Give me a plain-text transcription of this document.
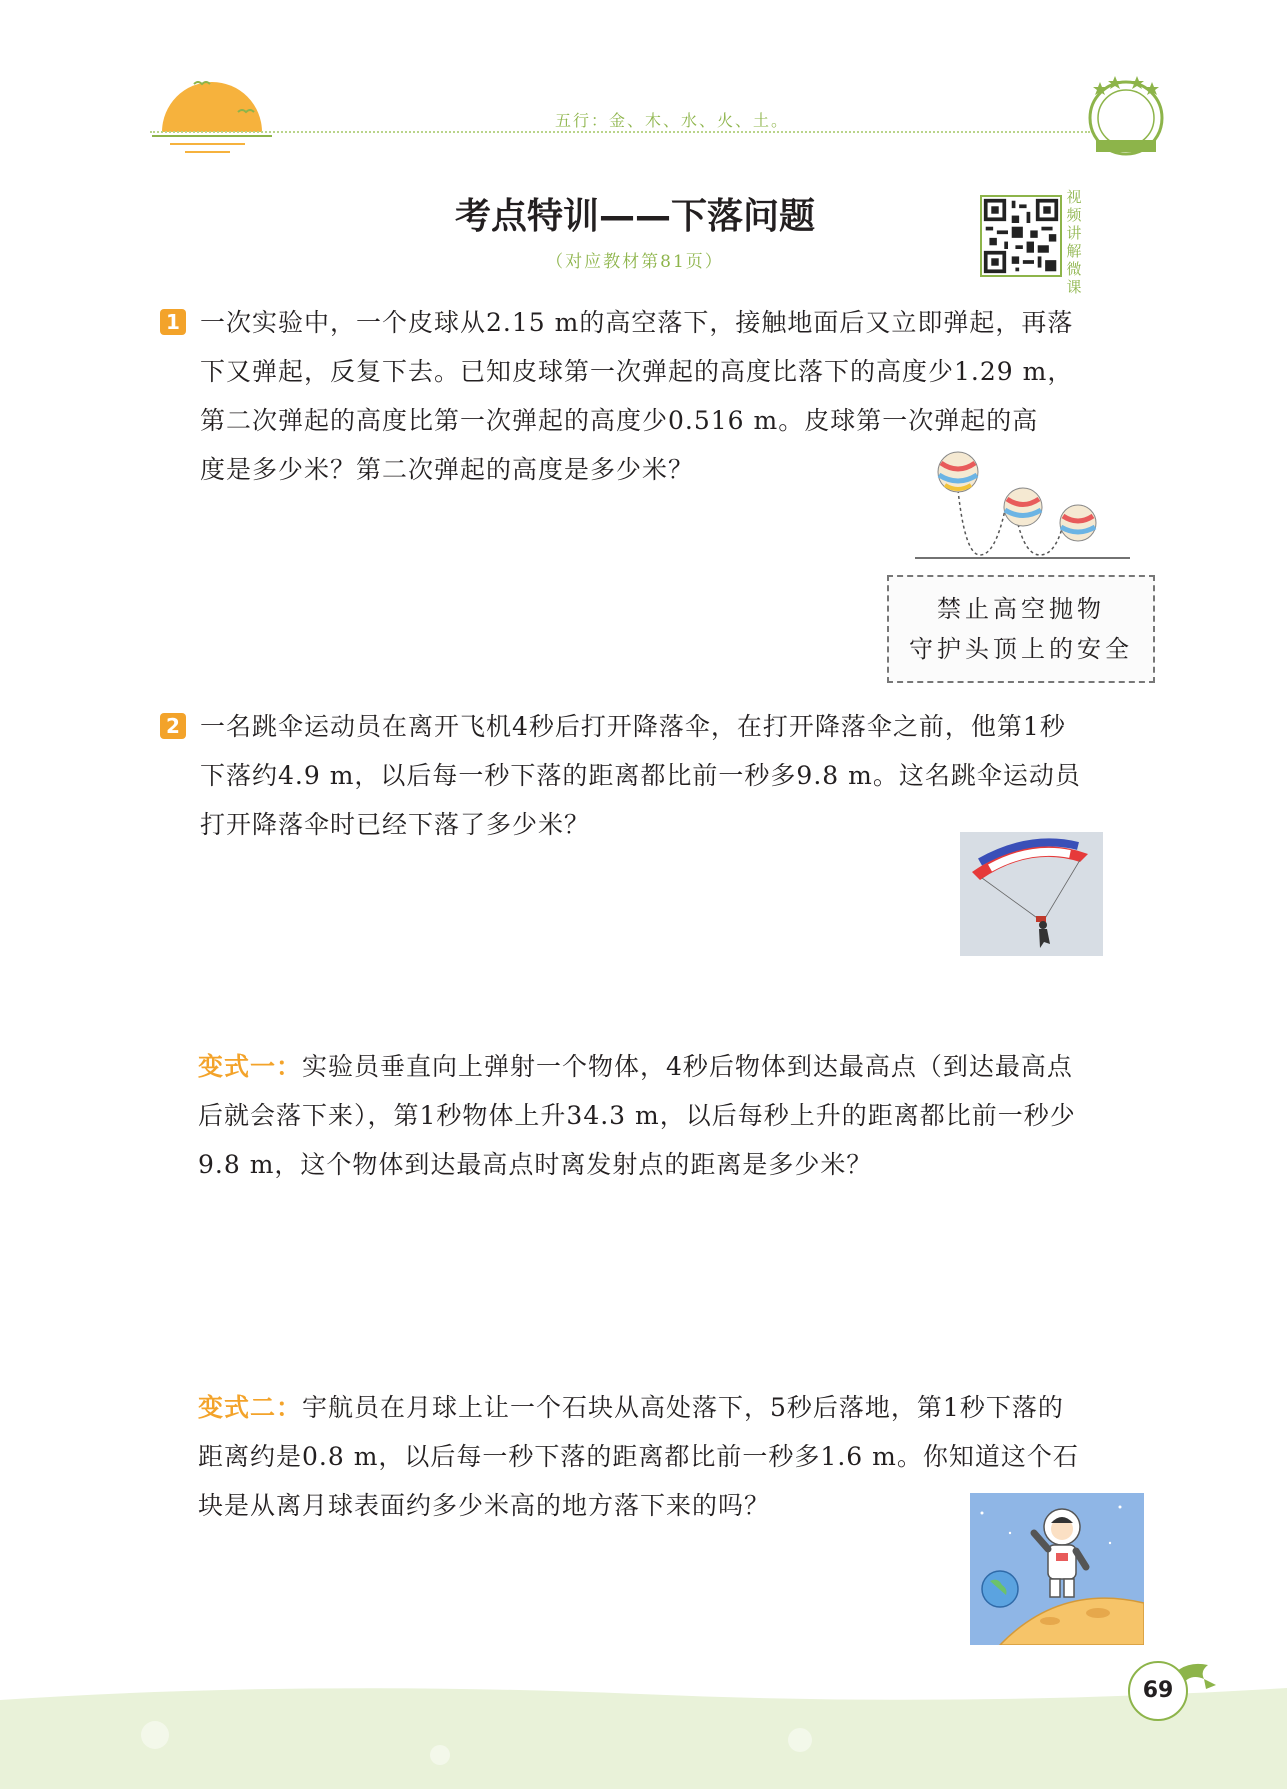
五行：金、木、水、火、土。
考点特训——下落问题
（对应教材第81页）
视
频
讲
解
微
课
1 一次实验中，一个皮球从2.15 m的高空落下，接触地面后又立即弹起，再落
下又弹起，反复下去。已知皮球第一次弹起的高度比落下的高度少1.29 m，
第二次弹起的高度比第一次弹起的高度少0.516 m。皮球第一次弹起的高
度是多少米？第二次弹起的高度是多少米？
禁止高空抛物
守护头顶上的安全
2 一名跳伞运动员在离开飞机4秒后打开降落伞，在打开降落伞之前，他第1秒
下落约4.9 m，以后每一秒下落的距离都比前一秒多9.8 m。这名跳伞运动员
打开降落伞时已经下落了多少米？
变式一：实验员垂直向上弹射一个物体，4秒后物体到达最高点（到达最高点
后就会落下来），第1秒物体上升34.3 m，以后每秒上升的距离都比前一秒少
9.8 m，这个物体到达最高点时离发射点的距离是多少米？
变式二：宇航员在月球上让一个石块从高处落下，5秒后落地，第1秒下落的
距离约是0.8 m，以后每一秒下落的距离都比前一秒多1.6 m。你知道这个石
块是从离月球表面约多少米高的地方落下来的吗？
69
